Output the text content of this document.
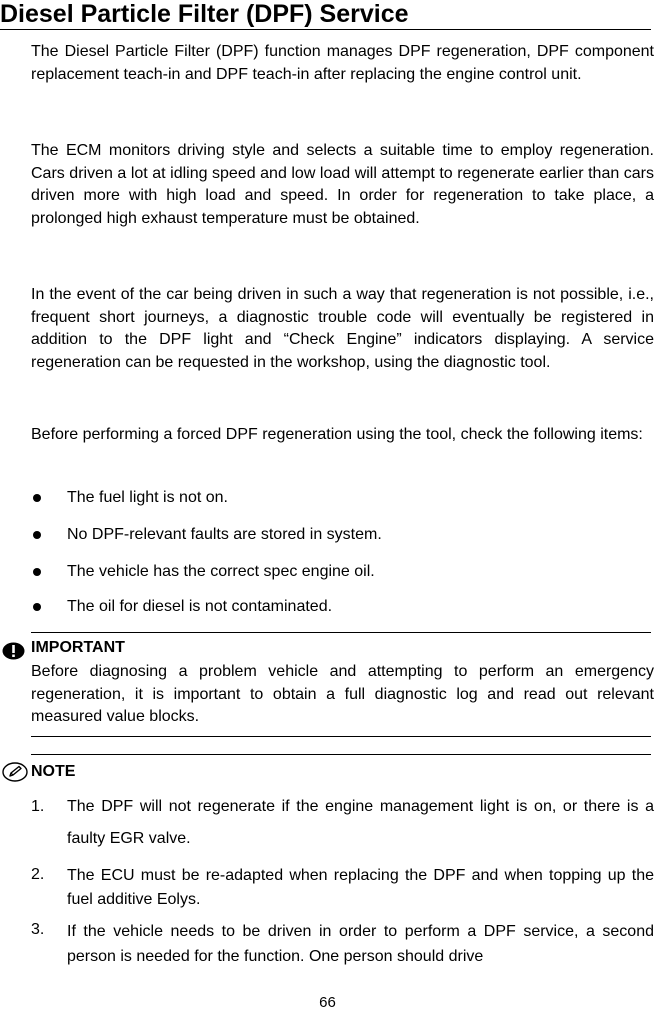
Diesel Particle Filter (DPF) Service
The Diesel Particle Filter (DPF) function manages DPF regeneration, DPF component replacement teach-in and DPF teach-in after replacing the engine control unit.
The ECM monitors driving style and selects a suitable time to employ regeneration. Cars driven a lot at idling speed and low load will attempt to regenerate earlier than cars driven more with high load and speed. In order for regeneration to take place, a prolonged high exhaust temperature must be obtained.
In the event of the car being driven in such a way that regeneration is not possible, i.e., frequent short journeys, a diagnostic trouble code will eventually be registered in addition to the DPF light and “Check Engine” indicators displaying. A service regeneration can be requested in the workshop, using the diagnostic tool.
Before performing a forced DPF regeneration using the tool, check the following items:
The fuel light is not on.
No DPF-relevant faults are stored in system.
The vehicle has the correct spec engine oil.
The oil for diesel is not contaminated.
IMPORTANT
Before diagnosing a problem vehicle and attempting to perform an emergency regeneration, it is important to obtain a full diagnostic log and read out relevant measured value blocks.
NOTE
1. The DPF will not regenerate if the engine management light is on, or there is a faulty EGR valve.
2. The ECU must be re-adapted when replacing the DPF and when topping up the fuel additive Eolys.
3. If the vehicle needs to be driven in order to perform a DPF service, a second person is needed for the function. One person should drive
66
